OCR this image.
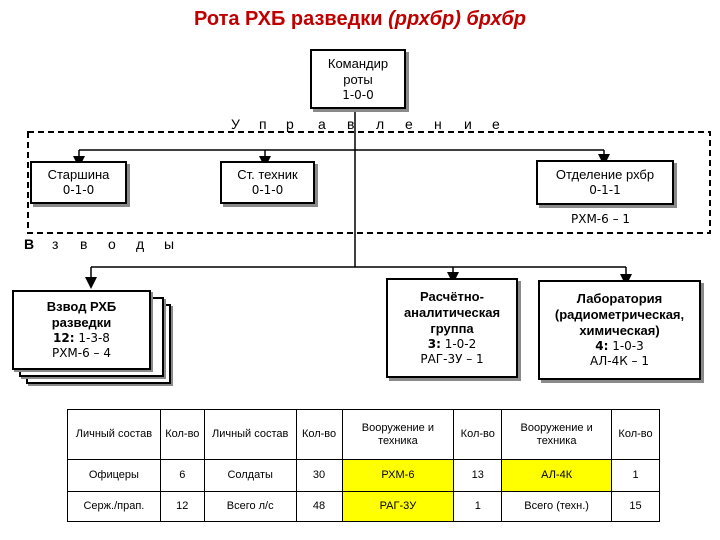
Рота РХБ разведки (ррхбр) брхбр
Командир
роты
1-0-0
У п р а в л е н и е
Старшина
0-1-0
Ст. техник
0-1-0
Отделение рхбр
0-1-1
РХМ-6 – 1
В з в о д ы
Взвод РХБ
разведки
12: 1-3-8
РХМ-6 – 4
Расчётно-
аналитическая
группа
3: 1-0-2
РАГ-3У – 1
Лаборатория
(радиометрическая,
химическая)
4: 1-0-3
АЛ-4К – 1
Личный состав	Кол-во	Личный состав	Кол-во	Вооружение и техника	Кол-во	Вооружение и техника	Кол-во
Офицеры	6	Солдаты	30	РХМ-6	13	АЛ-4К	1
Серж./прап.	12	Всего л/с	48	РАГ-3У	1	Всего (техн.)	15
